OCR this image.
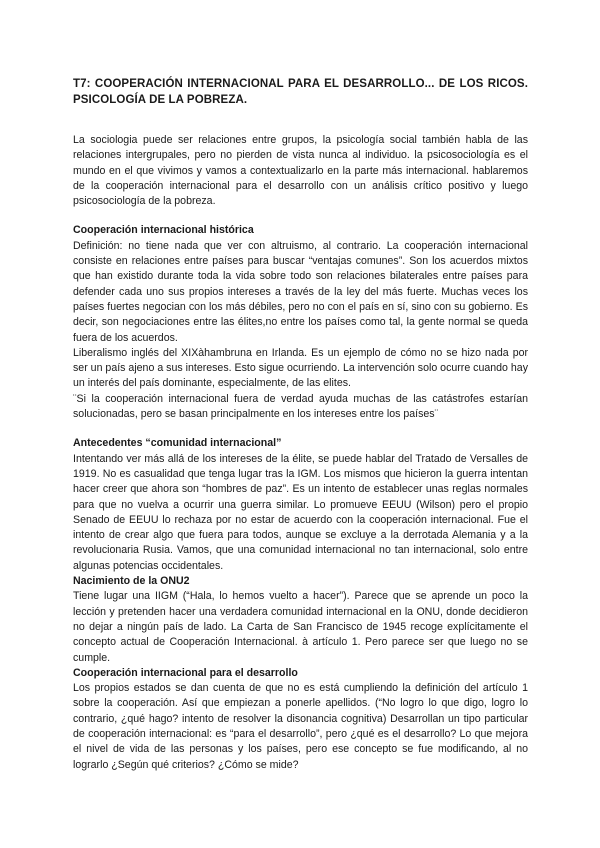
T7: COOPERACIÓN INTERNACIONAL PARA EL DESARROLLO... DE LOS RICOS. PSICOLOGÍA DE LA POBREZA.

La sociologia puede ser relaciones entre grupos, la psicología social también habla de las relaciones intergrupales, pero no pierden de vista nunca al individuo. la psicosociología es el mundo en el que vivimos y vamos a contextualizarlo en la parte más internacional. hablaremos de la cooperación internacional para el desarrollo con un análisis crítico positivo y luego psicosociología de la pobreza.

Cooperación internacional histórica

Definición: no tiene nada que ver con altruismo, al contrario. La cooperación internacional consiste en relaciones entre países para buscar “ventajas comunes”. Son los acuerdos mixtos que han existido durante toda la vida sobre todo son relaciones bilaterales entre países para defender cada uno sus propios intereses a través de la ley del más fuerte. Muchas veces los países fuertes negocian con los más débiles, pero no con el país en sí, sino con su gobierno. Es decir, son negociaciones entre las élites,no entre los países como tal, la gente normal se queda fuera de los acuerdos.

Liberalismo inglés del XIXàhambruna en Irlanda. Es un ejemplo de cómo no se hizo nada por ser un país ajeno a sus intereses. Esto sigue ocurriendo. La intervención solo ocurre cuando hay un interés del país dominante, especialmente, de las elites.

¨Si la cooperación internacional fuera de verdad ayuda muchas de las catástrofes estarían solucionadas, pero se basan principalmente en los intereses entre los países¨

Antecedentes “comunidad internacional”

Intentando ver más allá de los intereses de la élite, se puede hablar del Tratado de Versalles de 1919. No es casualidad que tenga lugar tras la IGM. Los mismos que hicieron la guerra intentan hacer creer que ahora son “hombres de paz”. Es un intento de establecer unas reglas normales para que no vuelva a ocurrir una guerra similar. Lo promueve EEUU (Wilson) pero el propio Senado de EEUU lo rechaza por no estar de acuerdo con la cooperación internacional. Fue el intento de crear algo que fuera para todos, aunque se excluye a la derrotada Alemania y a la revolucionaria Rusia. Vamos, que una comunidad internacional no tan internacional, solo entre algunas potencias occidentales.

Nacimiento de la ONU2

Tiene lugar una IIGM (“Hala, lo hemos vuelto a hacer”). Parece que se aprende un poco la lección y pretenden hacer una verdadera comunidad internacional en la ONU, donde decidieron no dejar a ningún país de lado. La Carta de San Francisco de 1945 recoge explícitamente el concepto actual de Cooperación Internacional. à artículo 1. Pero parece ser que luego no se cumple.

Cooperación internacional para el desarrollo

Los propios estados se dan cuenta de que no es está cumpliendo la definición del artículo 1 sobre la cooperación. Así que empiezan a ponerle apellidos. (“No logro lo que digo, logro lo contrario, ¿qué hago? intento de resolver la disonancia cognitiva) Desarrollan un tipo particular de cooperación internacional: es “para el desarrollo”, pero ¿qué es el desarrollo? Lo que mejora el nivel de vida de las personas y los países, pero ese concepto se fue modificando, al no lograrlo ¿Según qué criterios? ¿Cómo se mide?
